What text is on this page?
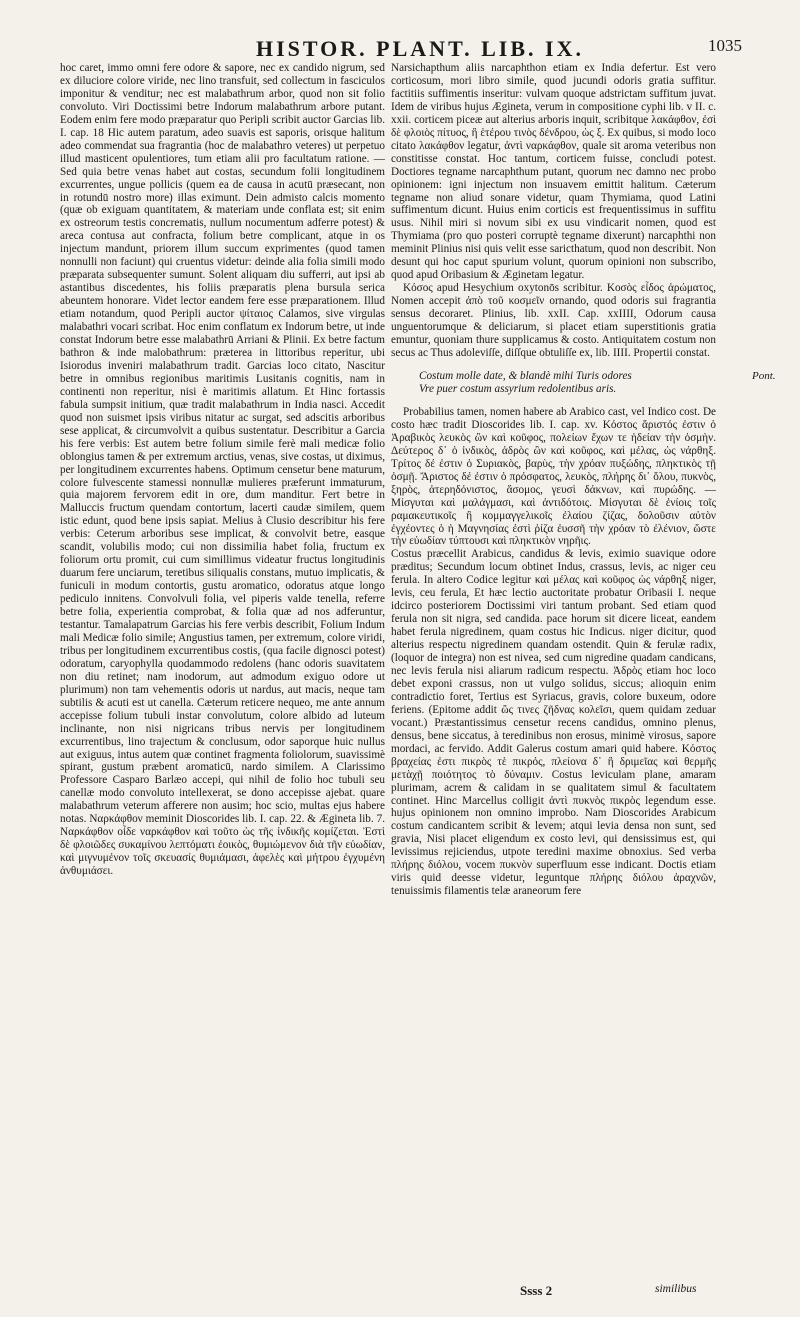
HISTOR. PLANT. LIB. IX.	1035

hoc caret, immo omni fere odore & sapore, nec ex candido nigrum, sed ex diluciore colore viride, nec lino transfuit, sed collectum in fasciculos imponitur & venditur; nec est malabathrum arbor, quod non sit folio convoluto. Viri Doctissimi betre Indorum malabathrum arbore putant. Eodem enim fere modo præparatur quo Peripli scribit auctor Garcias lib. I. cap. 18 Hic autem paratum, adeo suavis est saporis, orisque halitum adeo commendat sua fragrantia (hoc de malabathro veteres) ut perpetuo illud masticent opulentiores, tum etiam alii pro facultatum ratione. — Sed quia betre venas habet aut costas, secundum folii longitudinem excurrentes, ungue pollicis (quem ea de causa in acutū præsecant, non in rotundū nostro more) illas eximunt. Dein admisto calcis momento (quæ ob exiguam quantitatem, & materiam unde conflata est; sit enim ex ostreorum testis concrematis, nullum nocumentum adferre potest) & areca contusa aut confracta, folium betre complicant, atque in os injectum mandunt, priorem illum succum exprimentes (quod tamen nonnulli non faciunt) qui cruentus videtur: deinde alia folia simili modo præparata subsequenter sumunt. Solent aliquam diu sufferri, aut ipsi ab astantibus discedentes, his foliis præparatis plena bursula serica abeuntem honorare. Videt lector eandem fere esse præparationem. Illud etiam notandum, quod Peripli auctor ψίταιος Calamos, sive virgulas malabathri vocari scribat. Hoc enim conflatum ex Indorum betre, ut inde constat Indorum betre esse malabathrū Arriani & Plinii. Ex betre factum bathron & inde malobathrum: præterea in littoribus reperitur, ubi Isiorodus inveniri malabathrum tradit. Garcias loco citato, Nascitur betre in omnibus regionibus maritimis Lusitanis cognitis, nam in continenti non reperitur, nisi è maritimis allatum. Et Hinc fortassis fabula sumpsit initium, quæ tradit malabathrum in India nasci. Accedit quod non suismet ipsis viribus nitatur ac surgat, sed adscitis arboribus sese applicat, & circumvolvit a quibus sustentatur. Describitur a Garcia his fere verbis: Est autem betre folium simile ferè mali medicæ folio oblongius tamen & per extremum arctius, venas, sive costas, ut diximus, per longitudinem excurrentes habens. Optimum censetur bene maturum, colore fulvescente stamessi nonnullæ mulieres præferunt immaturum, quia majorem fervorem edit in ore, dum manditur. Fert betre in Malluccis fructum quendam contortum, lacerti caudæ similem, quem istic edunt, quod bene ipsis sapiat. Melius à Clusio describitur his fere verbis: Ceterum arboribus sese implicat, & convolvit betre, easque scandit, volubilis modo; cui non dissimilia habet folia, fructum ex foliorum ortu promit, cui cum simillimus videatur fructus longitudinis duarum fere unciarum, teretibus siliqualis constans, mutuo implicatis, & funiculi in modum contortis, gustu aromatico, odoratus atque longo pediculo innitens. Convolvuli folia, vel piperis valde tenella, referre betre folia, experientia comprobat, & folia quæ ad nos adferuntur, testantur. Tamalapatrum Garcias his fere verbis describit, Folium Indum mali Medicæ folio simile; Angustius tamen, per extremum, colore viridi, tribus per longitudinem excurrentibus costis, (qua facile dignosci potest) odoratum, caryophylla quodammodo redolens (hanc odoris suavitatem non diu retinet; nam inodorum, aut admodum exiguo odore ut plurimum) non tam vehementis odoris ut nardus, aut macis, neque tam subtilis & acuti est ut canella. Cæterum reticere nequeo, me ante annum accepisse folium tubuli instar convolutum, colore albido ad luteum inclinante, non nisi nigricans tribus nervis per longitudinem excurrentibus, lino trajectum & conclusum, odor saporque huic nullus aut exiguus, intus autem quæ continet fragmenta foliolorum, suavissimè spirant, gustum præbent aromaticū, nardo similem. A Clarissimo Professore Casparo Barlæo accepi, qui nihil de folio hoc tubuli seu canellæ modo convoluto intellexerat, se dono accepisse ajebat. quare malabathrum veterum afferere non ausim; hoc scio, multas ejus habere notas. Ναρκάφθον meminit Dioscorides lib. I. cap. 22. & Ægineta lib. 7. Ναρκάφθον οἶδε ναρκάφθον καὶ τοῦτο ὡς τῆς ἰνδικῆς κομίζεται. Ἐστὶ δὲ φλοιῶδες συκαμίνου λεπτόματι ἐοικὸς, θυμιώμενον διὰ τῆν εὐωδίαν, καὶ μιγνυμένον τοῖς σκευασίς θυμιάμασι, ἀφελὲς καὶ μήτρου ἐγχυμένη ἀνθυμιάσει.

Narsichapthum aliis narcaphthon etiam ex India defertur. Est vero corticosum, mori libro simile, quod jucundi odoris gratia suffitur. factitiis suffimentis inseritur: vulvam quoque adstrictam suffitum juvat. Idem de viribus hujus Ægineta, verum in compositione cyphi lib. v II. c. xxii. corticem piceæ aut alterius arboris inquit, scribitque λακάφθον, ἐσὶ δὲ φλοιὸς πίτυος, ἢ ἑτέρου τινὸς δένδρου, ὡς ξ. Ex quibus, si modo loco citato λακάφθον legatur, ἀντὶ ναρκάφθον, quale sit aroma veteribus non constitisse constat. Hoc tantum, corticem fuisse, concludi potest. Doctiores tegname narcaphthum putant, quorum nec damno nec probo opinionem: igni injectum non insuavem emittit halitum. Cæterum tegname non aliud sonare videtur, quam Thymiama, quod Latini suffimentum dicunt. Huius enim corticis est frequentissimus in suffitu usus. Nihil miri si novum sibi ex usu vindicarit nomen, quod est Thymiama (pro quo posteri corruptè tegname dixerunt) narcaphthi non meminit Plinius nisi quis velit esse saricthatum, quod non describit. Non desunt qui hoc caput spurium volunt, quorum opinioni non subscribo, quod apud Oribasium & Æginetam legatur.

Κόσος apud Hesychium oxytonōs scribitur. Κοσὸς εἶδος ἀρώματος, Nomen accepit ἀπὸ τοῦ κοσμεῖν ornando, quod odoris sui fragrantia sensus decoraret. Plinius, lib. xxII. Cap. xxIIII, Odorum causa unguentorumque & deliciarum, si placet etiam superstitionis gratia emuntur, quoniam thure supplicamus & costo. Antiquitatem costum non secus ac Thus adoleviſſe, diſſque obtuliſſe ex, lib. IIII. Propertii constat.

Costum molle date, & blandè mihi Turis odores
Vre puer costum assyrium redolentibus aris.
Pont.

Probabilius tamen, nomen habere ab Arabico cast, vel Indico cost. De costo hæc tradit Dioscorides lib. I. cap. xv. Κόστος ἄριστός ἐστιν ὁ Ἀραβικὸς λευκὸς ὢν καὶ κοῦφος, πολείων ἔχων τε ἡδείαν τὴν ὀσμὴν. Δεύτερος δ᾽ ὁ ἰνδικὸς, ἀδρὸς ὢν καὶ κοῦφος, καὶ μέλας, ὡς νάρθηξ. Τρίτος δέ ἐστιν ὁ Συριακὸς, βαρὺς, τὴν χρόαν πυξώδης, πληκτικὸς τῇ ὀσμῇ. Ἄριστος δέ ἐστιν ὁ πρόσφατος, λευκὸς, πλήρης δι᾽ ὅλου, πυκνὸς, ξηρὸς, ἀτερηδόνιστος, ἄσομος, γευσὶ δάκνων, καὶ πυρώδης. — Μίσγυται καὶ μαλάγμασι, καὶ ἀντιδότοις. Μίσγυται δὲ ἐνίοις τοῖς ραμακευτικοῖς ἢ κομμαγγελικοῖς ἐλαίου ζίζας, δολοῦσιν αὐτὸν ἐγχέοντες ὁ ἡ Μαγνησίας ἐστὶ ῥίζα ἐυσσῆ τὴν χρόαν τὸ ἐλένιον, ὥστε τὴν εὐωδίαν τύπτουσι καὶ πληκτικὸν νηρῆις.

Costus præcellit Arabicus, candidus & levis, eximio suavique odore præditus; Secundum locum obtinet Indus, crassus, levis, ac niger ceu ferula. In altero Codice legitur καὶ μέλας καὶ κοῦφος ὡς νάρθηξ niger, levis, ceu ferula, Et hæc lectio auctoritate probatur Oribasii I. neque idcirco posteriorem Doctissimi viri tantum probant. Sed etiam quod ferula non sit nigra, sed candida. pace horum sit dicere liceat, eandem habet ferula nigredinem, quam costus hic Indicus. niger dicitur, quod alterius respectu nigredinem quandam ostendit. Quin & ferulæ radix, (loquor de integra) non est nivea, sed cum nigredine quadam candicans, nec levis ferula nisi aliarum radicum respectu. Ἀδρὸς etiam hoc loco debet exponi crassus, non ut vulgo solidus, siccus; alioquin enim contradictio foret, Tertius est Syriacus, gravis, colore buxeum, odore feriens. (Epitome addit ὥς τινες ζῆδνας κολεῖσι, quem quidam zeduar vocant.) Præstantissimus censetur recens candidus, omnino plenus, densus, bene siccatus, à teredinibus non erosus, minimè virosus, sapore mordaci, ac fervido. Addit Galerus costum amari quid habere. Κόστος βραχείας ἐστι πικρὸς τὲ πικρός, πλείονα δ᾽ ἢ δριμεῖας καὶ θερμῆς μετὰχῇ ποιότητος τὸ δύναμιν. Costus leviculam plane, amaram plurimam, acrem & calidam in se qualitatem simul & facultatem continet. Hinc Marcellus colligit ἀντὶ πυκνὸς πικρὸς legendum esse. hujus opinionem non omnino improbo. Nam Dioscorides Arabicum costum candicantem scribit & levem; atqui levia densa non sunt, sed gravia, Nisi placet eligendum ex costo levi, qui densissimus est, qui levissimus rejiciendus, utpote teredini maxime obnoxius. Sed verba πλήρης διόλου, vocem πυκνὸν superfluum esse indicant. Doctis etiam viris quid deesse videtur, leguntque πλήρης διόλου ἀραχνῶν, tenuissimis filamentis telæ araneorum fere

Ssss 2	similibus
